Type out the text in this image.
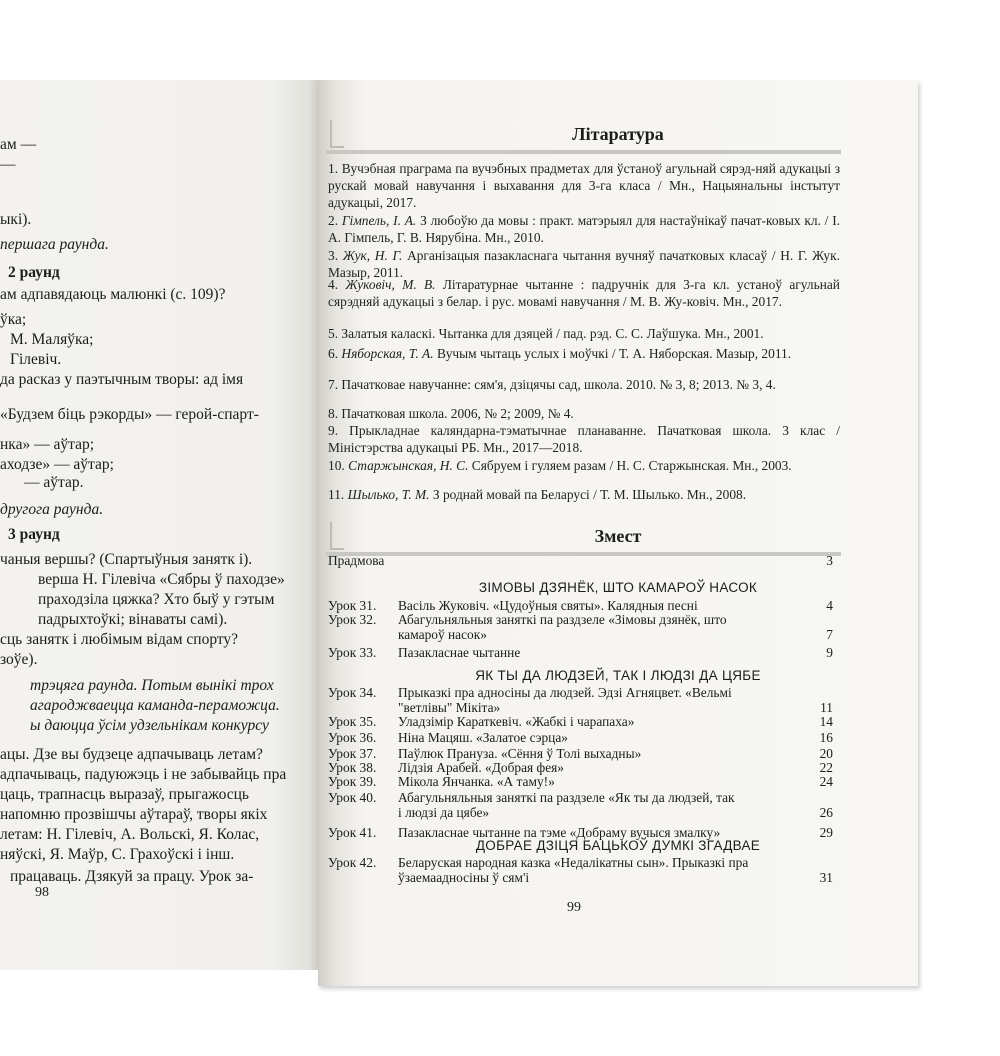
ам —
—
ыкі).
першага раунда.
2 раунд
ам адпавядаюць малюнкі (с. 109)?
ўка;
М. Маляўка;
Гілевіч.
да расказ у паэтычным творы: ад імя
«Будзем біць рэкорды» — герой-спарт-
нка» — аўтар;
аходзе» — аўтар;
— аўтар.
другога раунда.
3 раунд
чаныя вершы? (Спартыўныя занятк і).
верша Н. Гілевіча «Сябры ў паходзе»
праходзіла цяжка? Хто быў у гэтым
падрыхтоўкі; вінаваты самі).
сць занятк і любімым відам спорту?
зоўе).
трэцяга раунда. Потым вынікі трох
агароджваецца каманда-пераможца.
ы даюцца ўсім удзельнікам конкурсу
ацы. Дзе вы будзеце адпачываць летам?
адпачываць, падуюжэць і не забывайць пра
цаць, трапнасць выразаў, прыгажосць
напомню прозвішчы аўтараў, творы якіх
летам: Н. Гілевіч, А. Вольскі, Я. Колас,
няўскі, Я. Маўр, С. Грахоўскі і інш.
працаваць. Дзякуй за працу. Урок за-
98
Літаратура
1. Вучэбная праграма па вучэбных прадметах для ўстаноў агульнай сярэд-няй адукацыі з рускай мовай навучання і выхавання для 3-га класа / Мн., Нацыянальны інстытут адукацыі, 2017.
2. Гімпель, І. А. З любоўю да мовы : практ. матэрыял для настаўнікаў пачат-ковых кл. / І. А. Гімпель, Г. В. Нярубіна. Мн., 2010.
3. Жук, Н. Г. Арганізацыя пазакласнага чытання вучняў пачатковых класаў / Н. Г. Жук. Мазыр, 2011.
4. Жуковіч, М. В. Літаратурнае чытанне : падручнік для 3-га кл. устаноў агульнай сярэдняй адукацыі з белар. і рус. мовамі навучання / М. В. Жу-ковіч. Мн., 2017.
5. Залатыя каласкі. Чытанка для дзяцей / пад. рэд. С. С. Лаўшука. Мн., 2001.
6. Няборская, Т. А. Вучым чытаць услых і моўчкі / Т. А. Няборская. Мазыр, 2011.
7. Пачатковае навучанне: сям'я, дзіцячы сад, школа. 2010. № 3, 8; 2013. № 3, 4.
8. Пачатковая школа. 2006, № 2; 2009, № 4.
9. Прыкладнае каляндарна-тэматычнае планаванне. Пачатковая школа. 3 клас / Міністэрства адукацыі РБ. Мн., 2017—2018.
10. Старжынская, Н. С. Сябруем і гуляем разам / Н. С. Старжынская. Мн., 2003.
11. Шылько, Т. М. З роднай мовай па Беларусі / Т. М. Шылько. Мн., 2008.
Змест
Прадмова	3
ЗІМОВЫ ДЗЯНЁК, ШТО КАМАРОЎ НАСОК
Урок 31. Васіль Жуковіч. «Цудоўныя святы». Калядныя песні	4
Урок 32. Абагульняльныя заняткі па раздзеле «Зімовы дзянёк, што
камароў насок»	7
Урок 33. Пазакласнае чытанне	9
ЯК ТЫ ДА ЛЮДЗЕЙ, ТАК І ЛЮДЗІ ДА ЦЯБЕ
Урок 34. Прыказкі пра адносіны да людзей. Эдзі Агняцвет. «Вельмі
"ветлівы" Мікіта»	11
Урок 35. Уладзімір Караткевіч. «Жабкі і чарапаха»	14
Урок 36. Ніна Мацяш. «Залатое сэрца»	16
Урок 37. Паўлюк Прануза. «Сёння ў Толі выхадны»	20
Урок 38. Лідзія Арабей. «Добрая фея»	22
Урок 39. Мікола Янчанка. «А таму!»	24
Урок 40. Абагульняльныя заняткі па раздзеле «Як ты да людзей, так
і людзі да цябе»	26
Урок 41. Пазакласнае чытанне па тэме «Добраму вучыся змалку»	29
ДОБРАЕ ДЗІЦЯ БАЦЬКОЎ ДУМКІ ЗГАДВАЕ
Урок 42. Беларуская народная казка «Недалікатны сын». Прыказкі пра
ўзаемаадносіны ў сям'і	31
99
